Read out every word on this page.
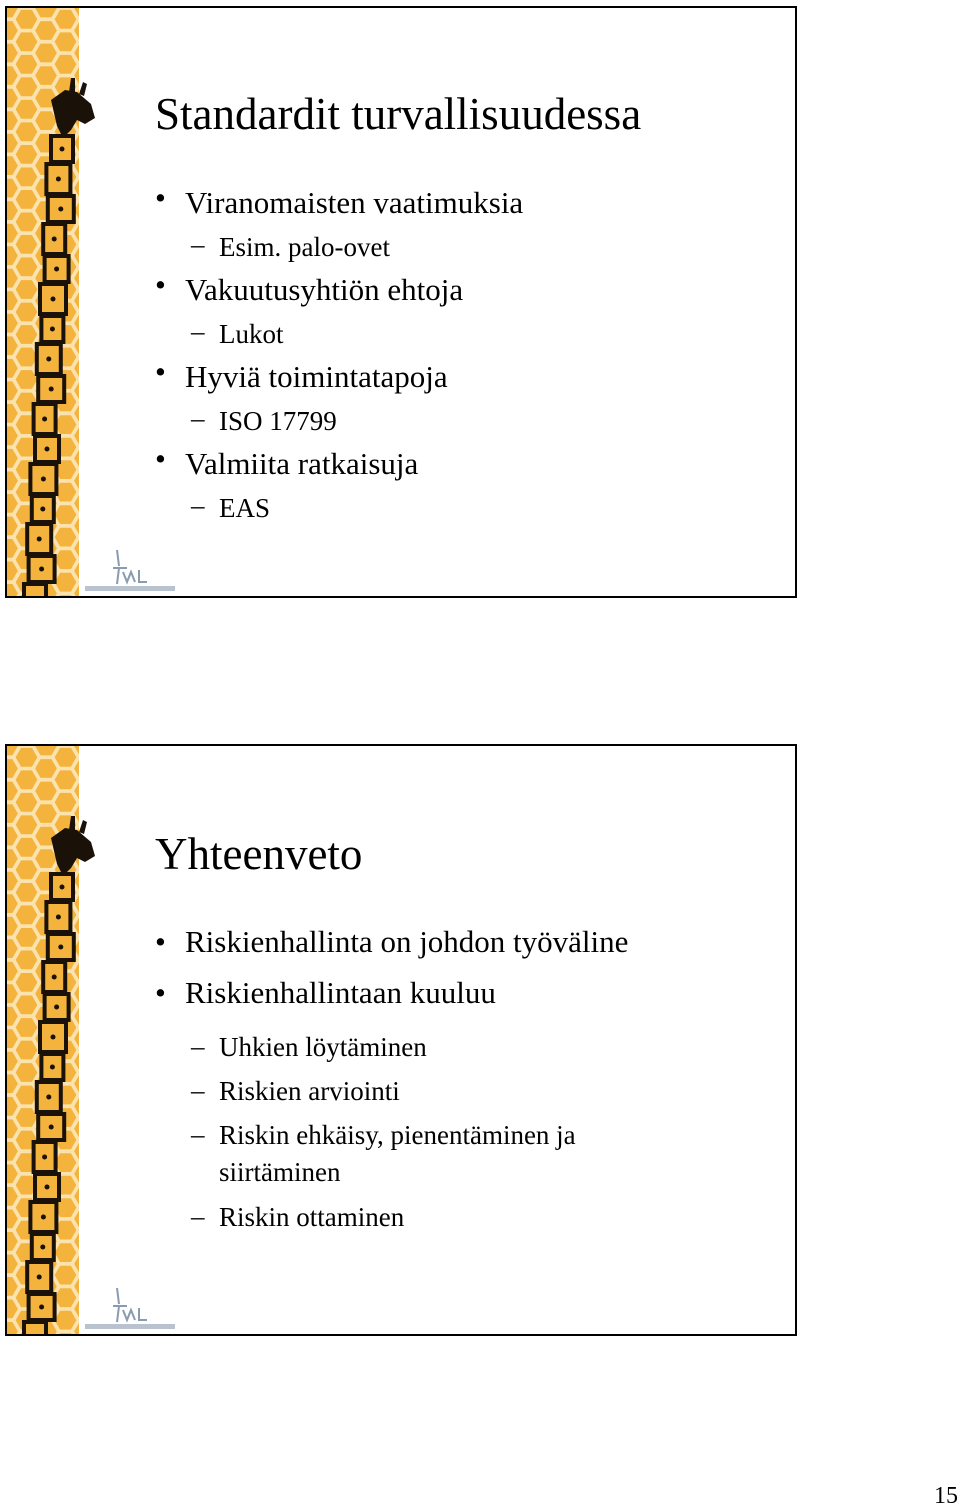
Standardit turvallisuudessa
• Viranomaisten vaatimuksia
– Esim. palo-ovet
• Vakuutusyhtiön ehtoja
– Lukot
• Hyviä toimintatapoja
– ISO 17799
• Valmiita ratkaisuja
– EAS
Yhteenveto
• Riskienhallinta on johdon työväline
• Riskienhallintaan kuuluu
– Uhkien löytäminen
– Riskien arviointi
– Riskin ehkäisy, pienentäminen ja siirtäminen
– Riskin ottaminen
15
